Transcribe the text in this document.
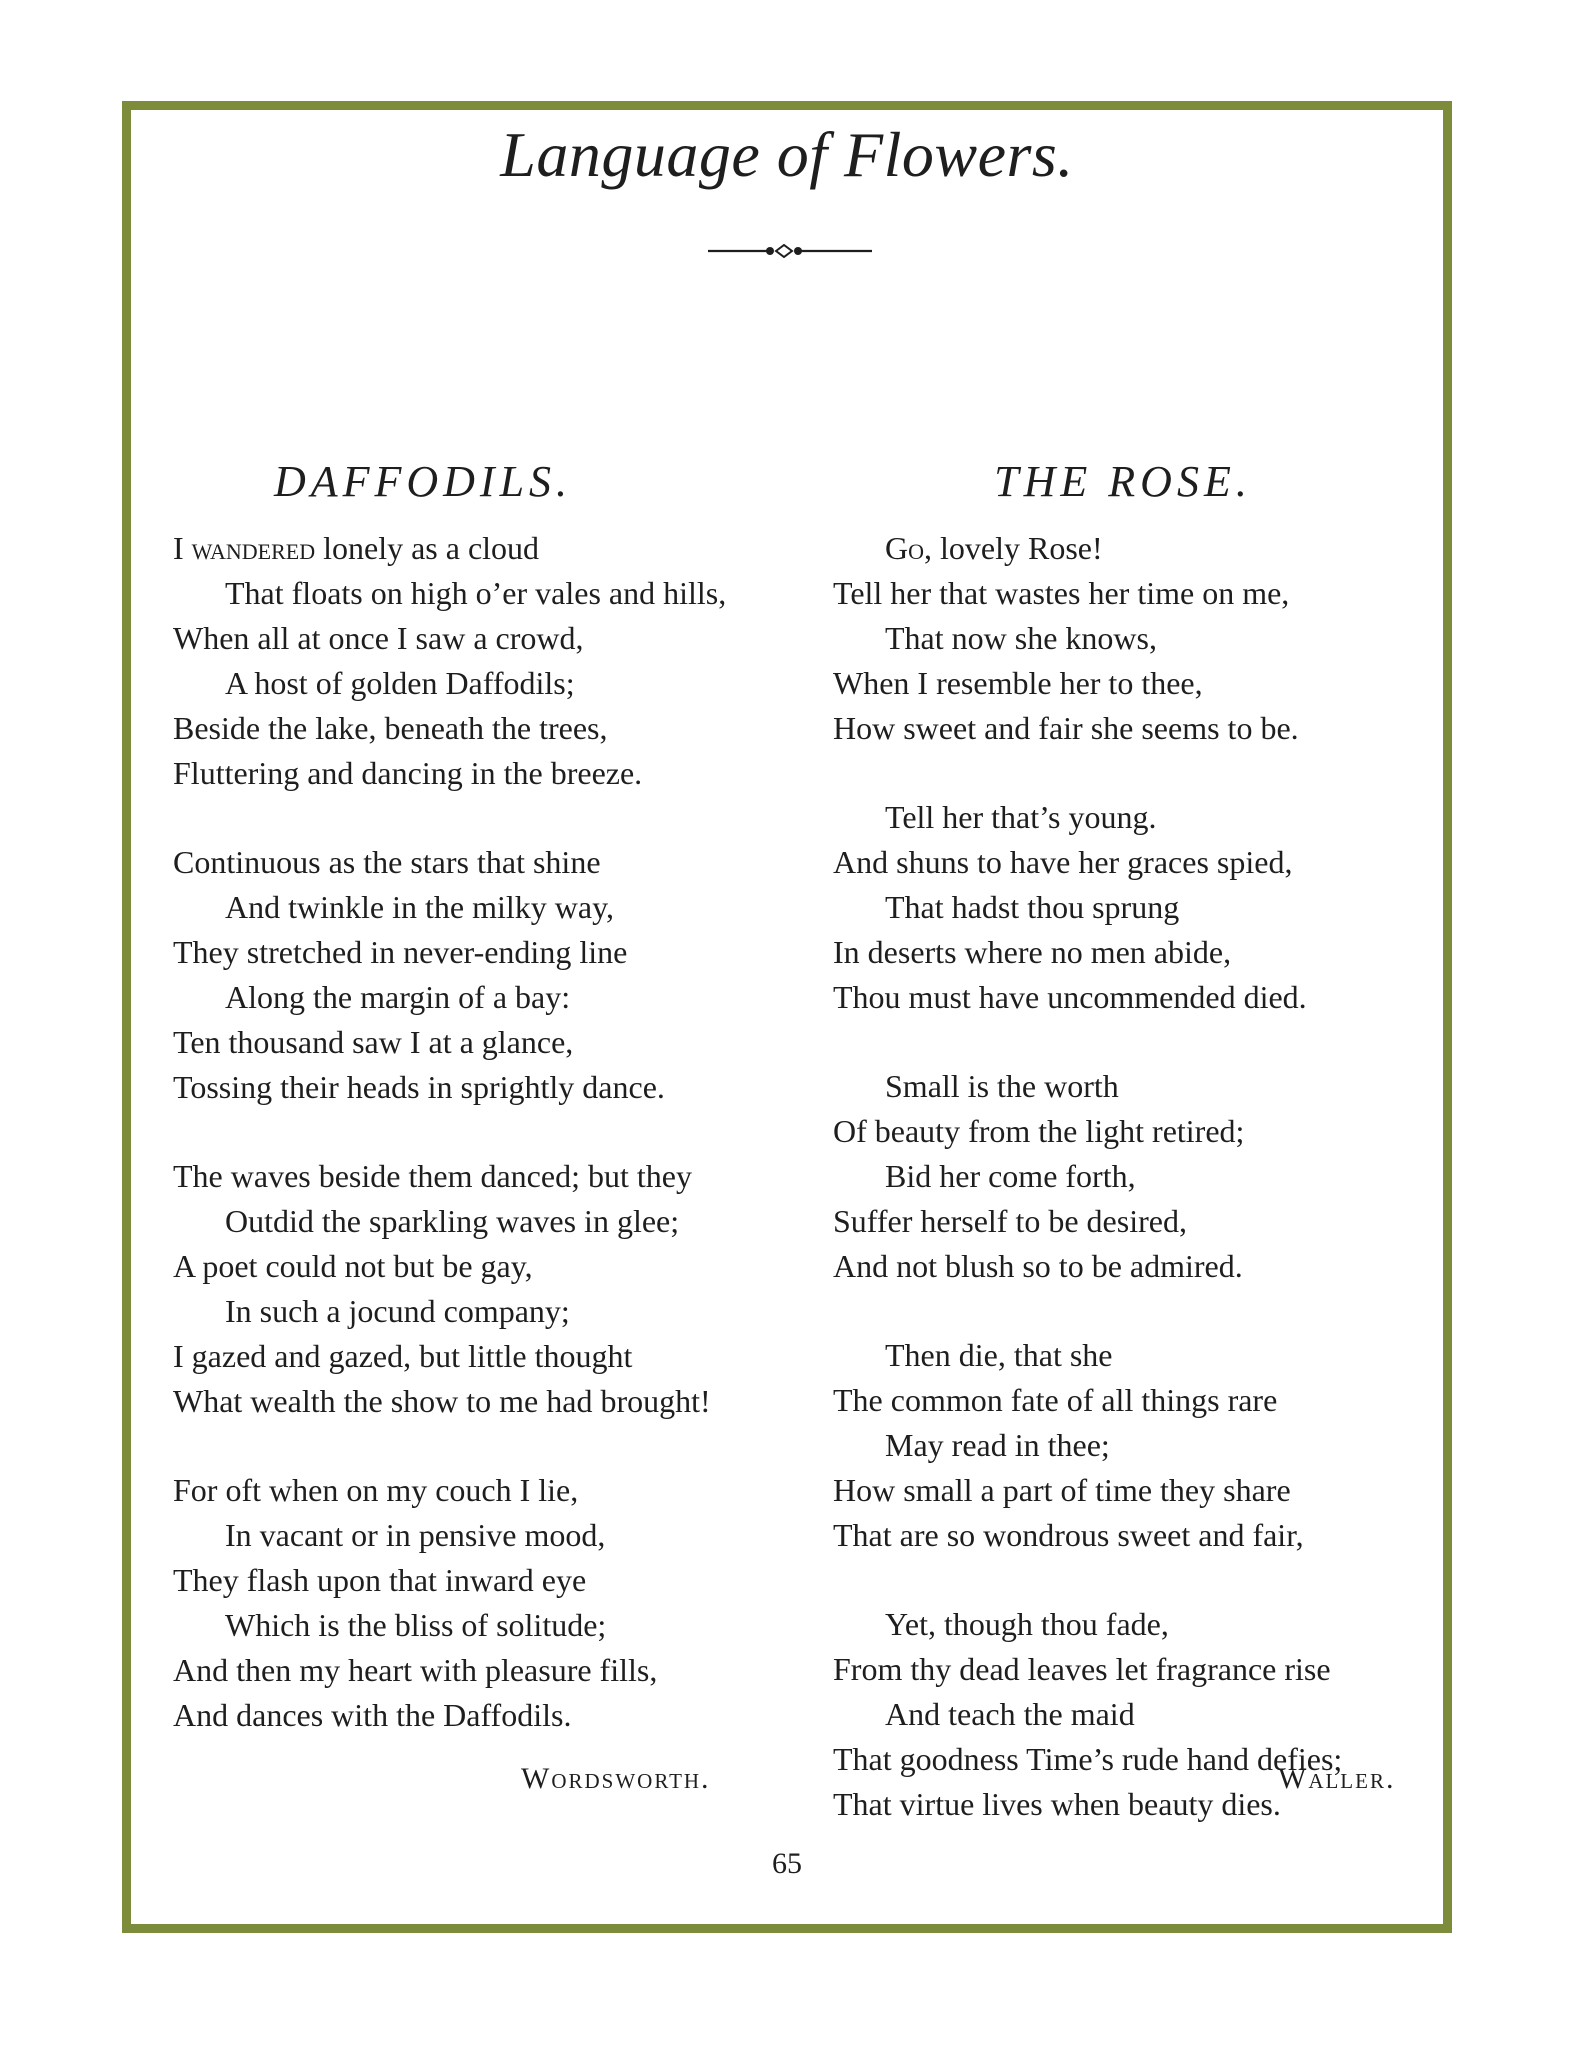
Language of Flowers.
DAFFODILS.
I wandered lonely as a cloud
That floats on high o’er vales and hills,
When all at once I saw a crowd,
A host of golden Daffodils;
Beside the lake, beneath the trees,
Fluttering and dancing in the breeze.
Continuous as the stars that shine
And twinkle in the milky way,
They stretched in never-ending line
Along the margin of a bay:
Ten thousand saw I at a glance,
Tossing their heads in sprightly dance.
The waves beside them danced; but they
Outdid the sparkling waves in glee;
A poet could not but be gay,
In such a jocund company;
I gazed and gazed, but little thought
What wealth the show to me had brought!
For oft when on my couch I lie,
In vacant or in pensive mood,
They flash upon that inward eye
Which is the bliss of solitude;
And then my heart with pleasure fills,
And dances with the Daffodils.
Wordsworth.
THE ROSE.
Go, lovely Rose!
Tell her that wastes her time on me,
That now she knows,
When I resemble her to thee,
How sweet and fair she seems to be.
Tell her that’s young.
And shuns to have her graces spied,
That hadst thou sprung
In deserts where no men abide,
Thou must have uncommended died.
Small is the worth
Of beauty from the light retired;
Bid her come forth,
Suffer herself to be desired,
And not blush so to be admired.
Then die, that she
The common fate of all things rare
May read in thee;
How small a part of time they share
That are so wondrous sweet and fair,
Yet, though thou fade,
From thy dead leaves let fragrance rise
And teach the maid
That goodness Time’s rude hand defies;
That virtue lives when beauty dies.
Waller.
65
